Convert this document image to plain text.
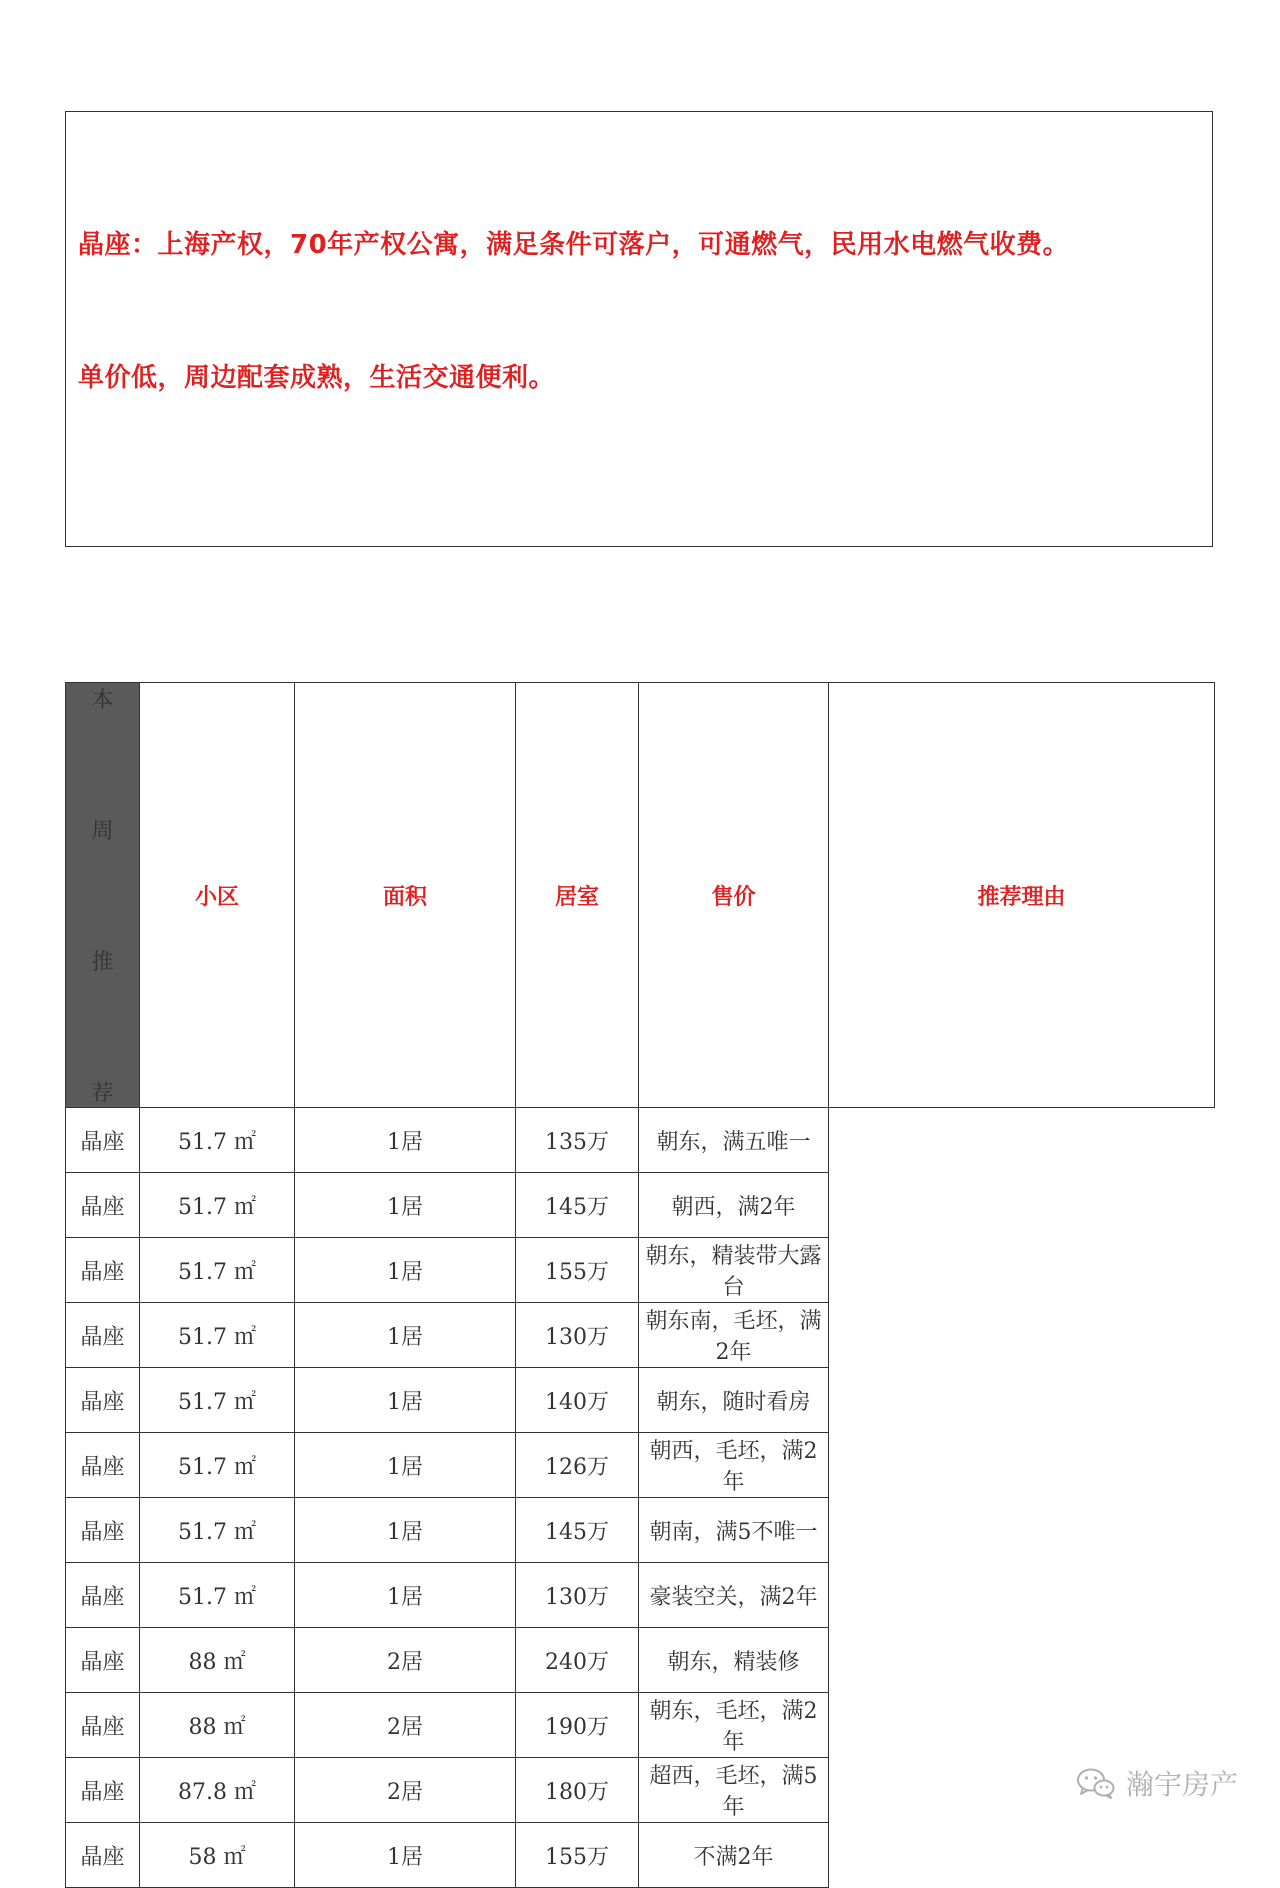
晶座：上海产权，70年产权公寓，满足条件可落户，可通燃气，民用水电燃气收费。
单价低，周边配套成熟，生活交通便利。
本
周
推
荐	小区	面积	居室	售价	推荐理由
晶座	51.7 ㎡	1居	135万	朝东，满五唯一	
晶座	51.7 ㎡	1居	145万	朝西，满2年	
晶座	51.7 ㎡	1居	155万	朝东，精装带大露台	
晶座	51.7 ㎡	1居	130万	朝东南，毛坯，满2年	
晶座	51.7 ㎡	1居	140万	朝东，随时看房	
晶座	51.7 ㎡	1居	126万	朝西，毛坯，满2年	
晶座	51.7 ㎡	1居	145万	朝南，满5不唯一	
晶座	51.7 ㎡	1居	130万	豪装空关，满2年	
晶座	88 ㎡	2居	240万	朝东，精装修	
晶座	88 ㎡	2居	190万	朝东，毛坯，满2年	
晶座	87.8 ㎡	2居	180万	超西，毛坯，满5年	
晶座	58 ㎡	1居	155万	不满2年	
瀚宇房产
